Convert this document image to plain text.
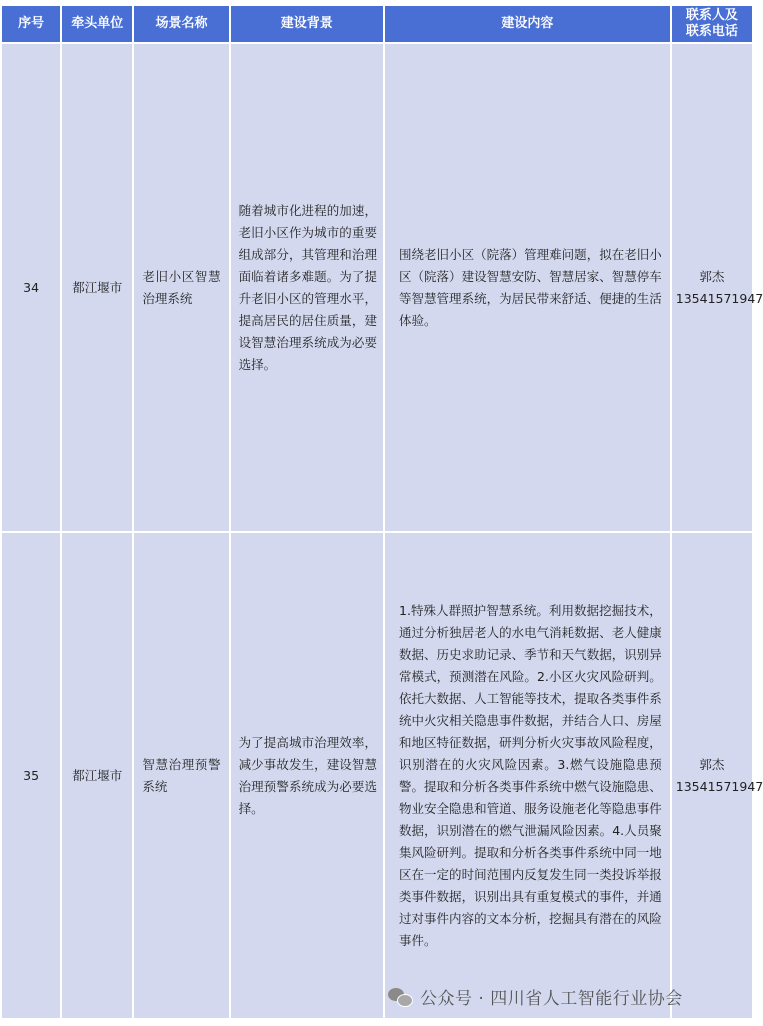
序号	牵头单位	场景名称	建设背景	建设内容	联系人及
联系电话

34	都江堰市	老旧小区智慧治理系统	随着城市化进程的加速，老旧小区作为城市的重要组成部分，其管理和治理面临着诸多难题。为了提升老旧小区的管理水平，提高居民的居住质量，建设智慧治理系统成为必要选择。	围绕老旧小区（院落）管理难问题，拟在老旧小区（院落）建设智慧安防、智慧居家、智慧停车等智慧管理系统，为居民带来舒适、便捷的生活体验。	郭杰
13541571947

35	都江堰市	智慧治理预警系统	为了提高城市治理效率，减少事故发生，建设智慧治理预警系统成为必要选择。	1.特殊人群照护智慧系统。利用数据挖掘技术，通过分析独居老人的水电气消耗数据、老人健康数据、历史求助记录、季节和天气数据，识别异常模式，预测潜在风险。2.小区火灾风险研判。依托大数据、人工智能等技术，提取各类事件系统中火灾相关隐患事件数据，并结合人口、房屋和地区特征数据，研判分析火灾事故风险程度，识别潜在的火灾风险因素。3.燃气设施隐患预警。提取和分析各类事件系统中燃气设施隐患、物业安全隐患和管道、服务设施老化等隐患事件数据，识别潜在的燃气泄漏风险因素。4.人员聚集风险研判。提取和分析各类事件系统中同一地区在一定的时间范围内反复发生同一类投诉举报类事件数据，识别出具有重复模式的事件，并通过对事件内容的文本分析，挖掘具有潜在的风险事件。	郭杰
13541571947
公众号 · 四川省人工智能行业协会
